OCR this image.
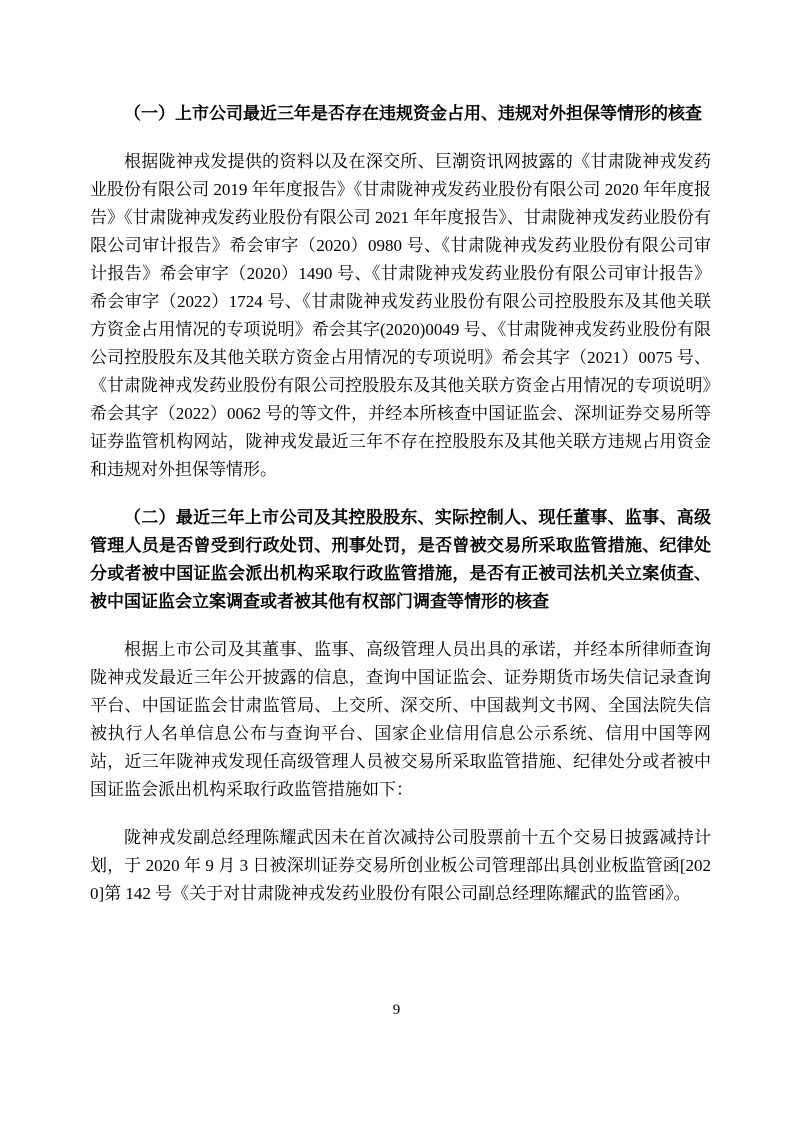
（一）上市公司最近三年是否存在违规资金占用、违规对外担保等情形的核查

根据陇神戎发提供的资料以及在深交所、巨潮资讯网披露的《甘肃陇神戎发药业股份有限公司 2019 年年度报告》《甘肃陇神戎发药业股份有限公司 2020 年年度报告》《甘肃陇神戎发药业股份有限公司 2021 年年度报告》、甘肃陇神戎发药业股份有限公司审计报告》希会审字（2020）0980 号、《甘肃陇神戎发药业股份有限公司审计报告》希会审字（2020）1490 号、《甘肃陇神戎发药业股份有限公司审计报告》希会审字（2022）1724 号、《甘肃陇神戎发药业股份有限公司控股股东及其他关联方资金占用情况的专项说明》希会其字(2020)0049 号、《甘肃陇神戎发药业股份有限公司控股股东及其他关联方资金占用情况的专项说明》希会其字（2021）0075 号、《甘肃陇神戎发药业股份有限公司控股股东及其他关联方资金占用情况的专项说明》希会其字（2022）0062 号的等文件，并经本所核查中国证监会、深圳证券交易所等证券监管机构网站，陇神戎发最近三年不存在控股股东及其他关联方违规占用资金和违规对外担保等情形。

（二）最近三年上市公司及其控股股东、实际控制人、现任董事、监事、高级管理人员是否曾受到行政处罚、刑事处罚，是否曾被交易所采取监管措施、纪律处分或者被中国证监会派出机构采取行政监管措施，是否有正被司法机关立案侦查、被中国证监会立案调查或者被其他有权部门调查等情形的核查

根据上市公司及其董事、监事、高级管理人员出具的承诺，并经本所律师查询陇神戎发最近三年公开披露的信息，查询中国证监会、证券期货市场失信记录查询平台、中国证监会甘肃监管局、上交所、深交所、中国裁判文书网、全国法院失信被执行人名单信息公布与查询平台、国家企业信用信息公示系统、信用中国等网站，近三年陇神戎发现任高级管理人员被交易所采取监管措施、纪律处分或者被中国证监会派出机构采取行政监管措施如下：

陇神戎发副总经理陈耀武因未在首次减持公司股票前十五个交易日披露减持计划，于 2020 年 9 月 3 日被深圳证券交易所创业板公司管理部出具创业板监管函[2020]第 142 号《关于对甘肃陇神戎发药业股份有限公司副总经理陈耀武的监管函》。

9
